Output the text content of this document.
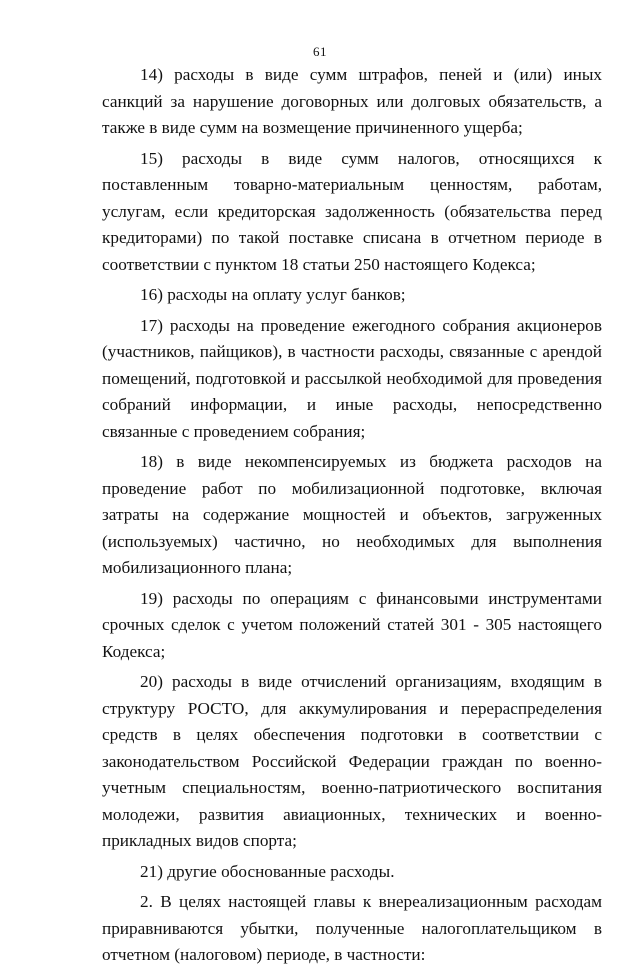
61

14) расходы в виде сумм штрафов, пеней и (или) иных санкций за нарушение договорных или долговых обязательств, а также в виде сумм на возмещение причиненного ущерба;

15) расходы в виде сумм налогов, относящихся к поставленным товарно-материальным ценностям, работам, услугам, если кредиторская задолженность (обязательства перед кредиторами) по такой поставке списана в отчетном периоде в соответствии с пунктом 18 статьи 250 настоящего Кодекса;

16) расходы на оплату услуг банков;

17) расходы на проведение ежегодного собрания акционеров (участников, пайщиков), в частности расходы, связанные с арендой помещений, подготовкой и рассылкой необходимой для проведения собраний информации, и иные расходы, непосредственно связанные с проведением собрания;

18) в виде некомпенсируемых из бюджета расходов на проведение работ по мобилизационной подготовке, включая затраты на содержание мощностей и объектов, загруженных (используемых) частично, но необходимых для выполнения мобилизационного плана;

19) расходы по операциям с финансовыми инструментами срочных сделок с учетом положений статей 301 - 305 настоящего Кодекса;

20) расходы в виде отчислений организациям, входящим в структуру РОСТО, для аккумулирования и перераспределения средств в целях обеспечения подготовки в соответствии с законодательством Российской Федерации граждан по военно-учетным специальностям, военно-патриотического воспитания молодежи, развития авиационных, технических и военно-прикладных видов спорта;

21) другие обоснованные расходы.

2. В целях настоящей главы к внереализационным расходам приравниваются убытки, полученные налогоплательщиком в отчетном (налоговом) периоде, в частности:
